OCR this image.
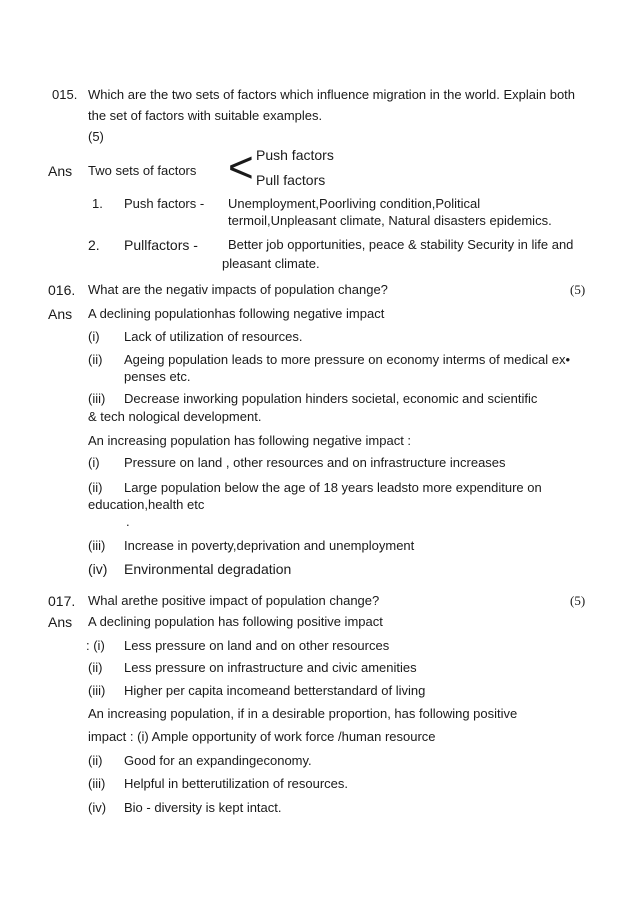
015. Which are the two sets of factors which influence migration in the world. Explain both
the set of factors with suitable examples.
(5)
Ans Two sets of factors < Push factors
Pull factors
1. Push factors - Unemployment,Poorliving condition,Political
termoil,Unpleasant climate, Natural disasters epidemics.
2. Pullfactors - Better job opportunities, peace & stability Security in life and
pleasant climate.
016. What are the negativ impacts of population change?	(5)
Ans A declining populationhas following negative impact
(i) Lack of utilization of resources.
(ii) Ageing population leads to more pressure on economy interms of medical ex•
penses etc.
(iii) Decrease inworking population hinders societal, economic and scientific
& tech nological development.
An increasing population has following negative impact :
(i) Pressure on land , other resources and on infrastructure increases
(ii) Large population below the age of 18 years leadsto more expenditure on
education,health etc
.
(iii) Increase in poverty,deprivation and unemployment
(iv) Environmental degradation
017. Whal arethe positive impact of population change?	(5)
Ans A declining population has following positive impact
: (i) Less pressure on land and on other resources
(ii) Less pressure on infrastructure and civic amenities
(iii) Higher per capita incomeand betterstandard of living
An increasing population, if in a desirable proportion, has following positive
impact : (i) Ample opportunity of work force /human resource
(ii) Good for an expandingeconomy.
(iii) Helpful in betterutilization of resources.
(iv) Bio - diversity is kept intact.
